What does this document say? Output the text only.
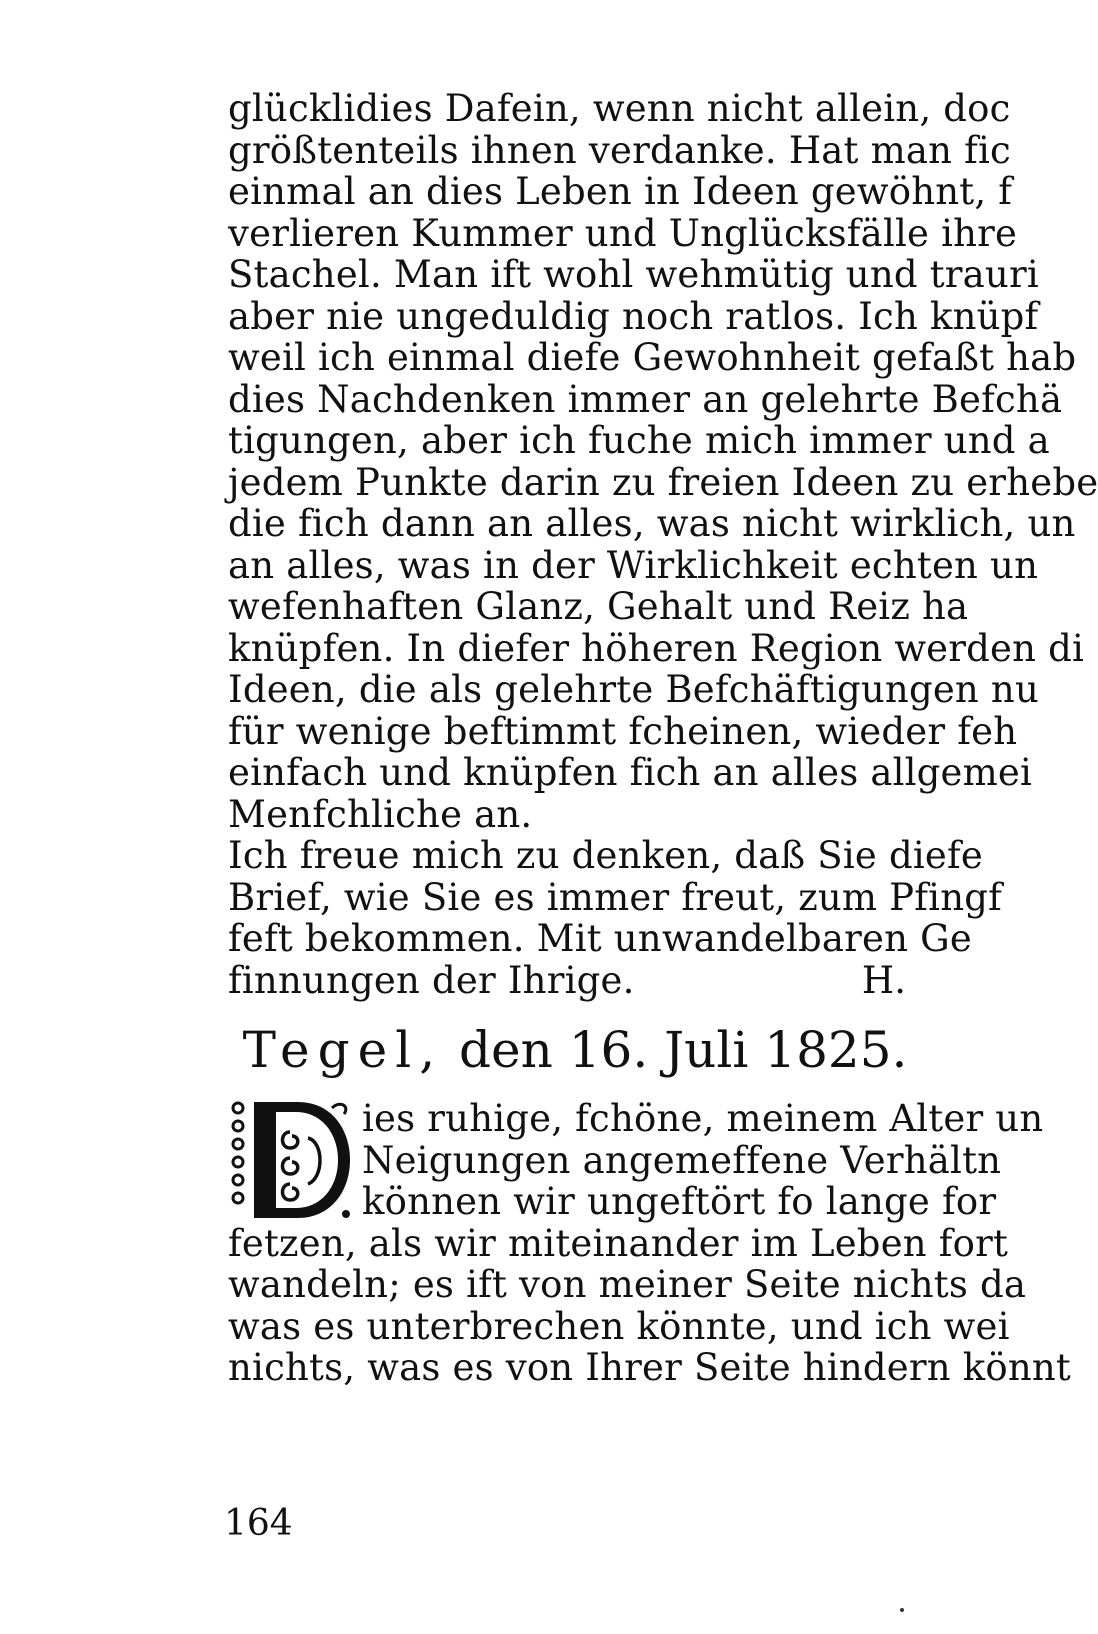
glücklidies Dafein, wenn nicht allein, doc
größtenteils ihnen verdanke. Hat man fic
einmal an dies Leben in Ideen gewöhnt, f
verlieren Kummer und Unglücksfälle ihre
Stachel. Man ift wohl wehmütig und trauri
aber nie ungeduldig noch ratlos. Ich knüpf
weil ich einmal diefe Gewohnheit gefaßt hab
dies Nachdenken immer an gelehrte Befchä
tigungen, aber ich fuche mich immer und a
jedem Punkte darin zu freien Ideen zu erhebe
die fich dann an alles, was nicht wirklich, un
an alles, was in der Wirklichkeit echten un
wefenhaften Glanz, Gehalt und Reiz ha
knüpfen. In diefer höheren Region werden di
Ideen, die als gelehrte Befchäftigungen nu
für wenige beftimmt fcheinen, wieder feh
einfach und knüpfen fich an alles allgemei
Menfchliche an.
Ich freue mich zu denken, daß Sie diefe
Brief, wie Sie es immer freut, zum Pfingf
feft bekommen. Mit unwandelbaren Ge
finnungen der Ihrige.                   H.
Tegel, den 16. Juli 1825.
ies ruhige, fchöne, meinem Alter un
Neigungen angemeffene Verhältn
können wir ungeftört fo lange for
fetzen, als wir miteinander im Leben fort
wandeln; es ift von meiner Seite nichts da
was es unterbrechen könnte, und ich wei
nichts, was es von Ihrer Seite hindern könnt
164
